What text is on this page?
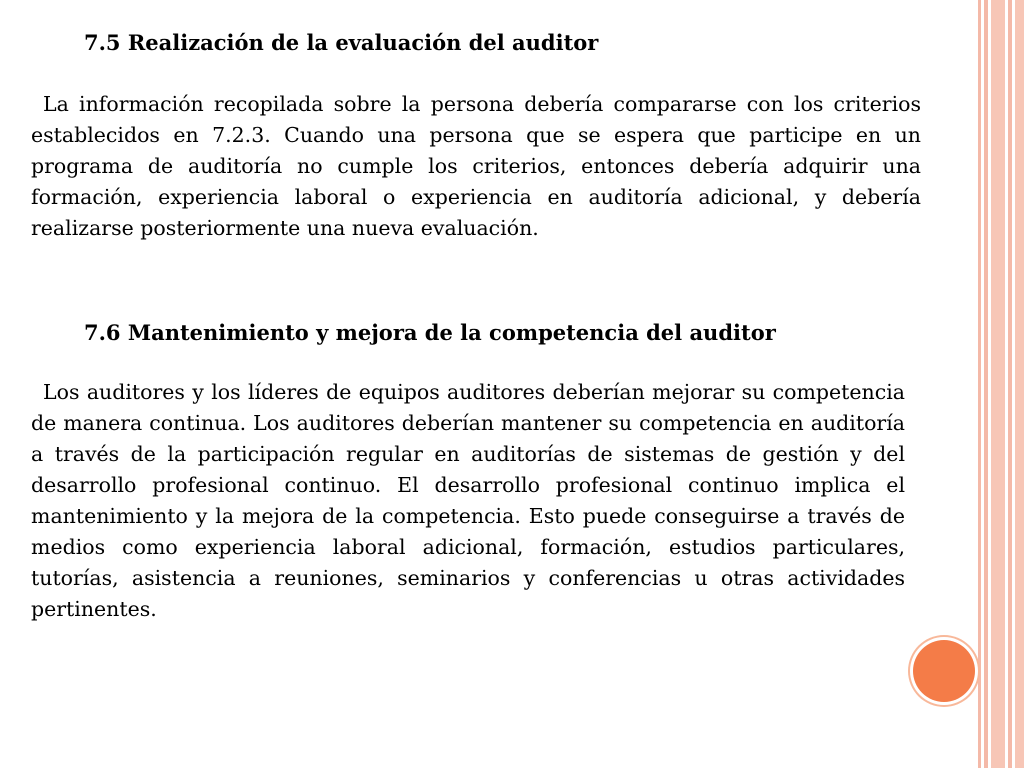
7.5 Realización de la evaluación del auditor

La información recopilada sobre la persona debería compararse con los criterios establecidos en 7.2.3. Cuando una persona que se espera que participe en un programa de auditoría no cumple los criterios, entonces debería adquirir una formación, experiencia laboral o experiencia en auditoría adicional, y debería realizarse posteriormente una nueva evaluación.

7.6 Mantenimiento y mejora de la competencia del auditor

Los auditores y los líderes de equipos auditores deberían mejorar su competencia de manera continua. Los auditores deberían mantener su competencia en auditoría a través de la participación regular en auditorías de sistemas de gestión y del desarrollo profesional continuo. El desarrollo profesional continuo implica el mantenimiento y la mejora de la competencia. Esto puede conseguirse a través de medios como experiencia laboral adicional, formación, estudios particulares, tutorías, asistencia a reuniones, seminarios y conferencias u otras actividades pertinentes.
